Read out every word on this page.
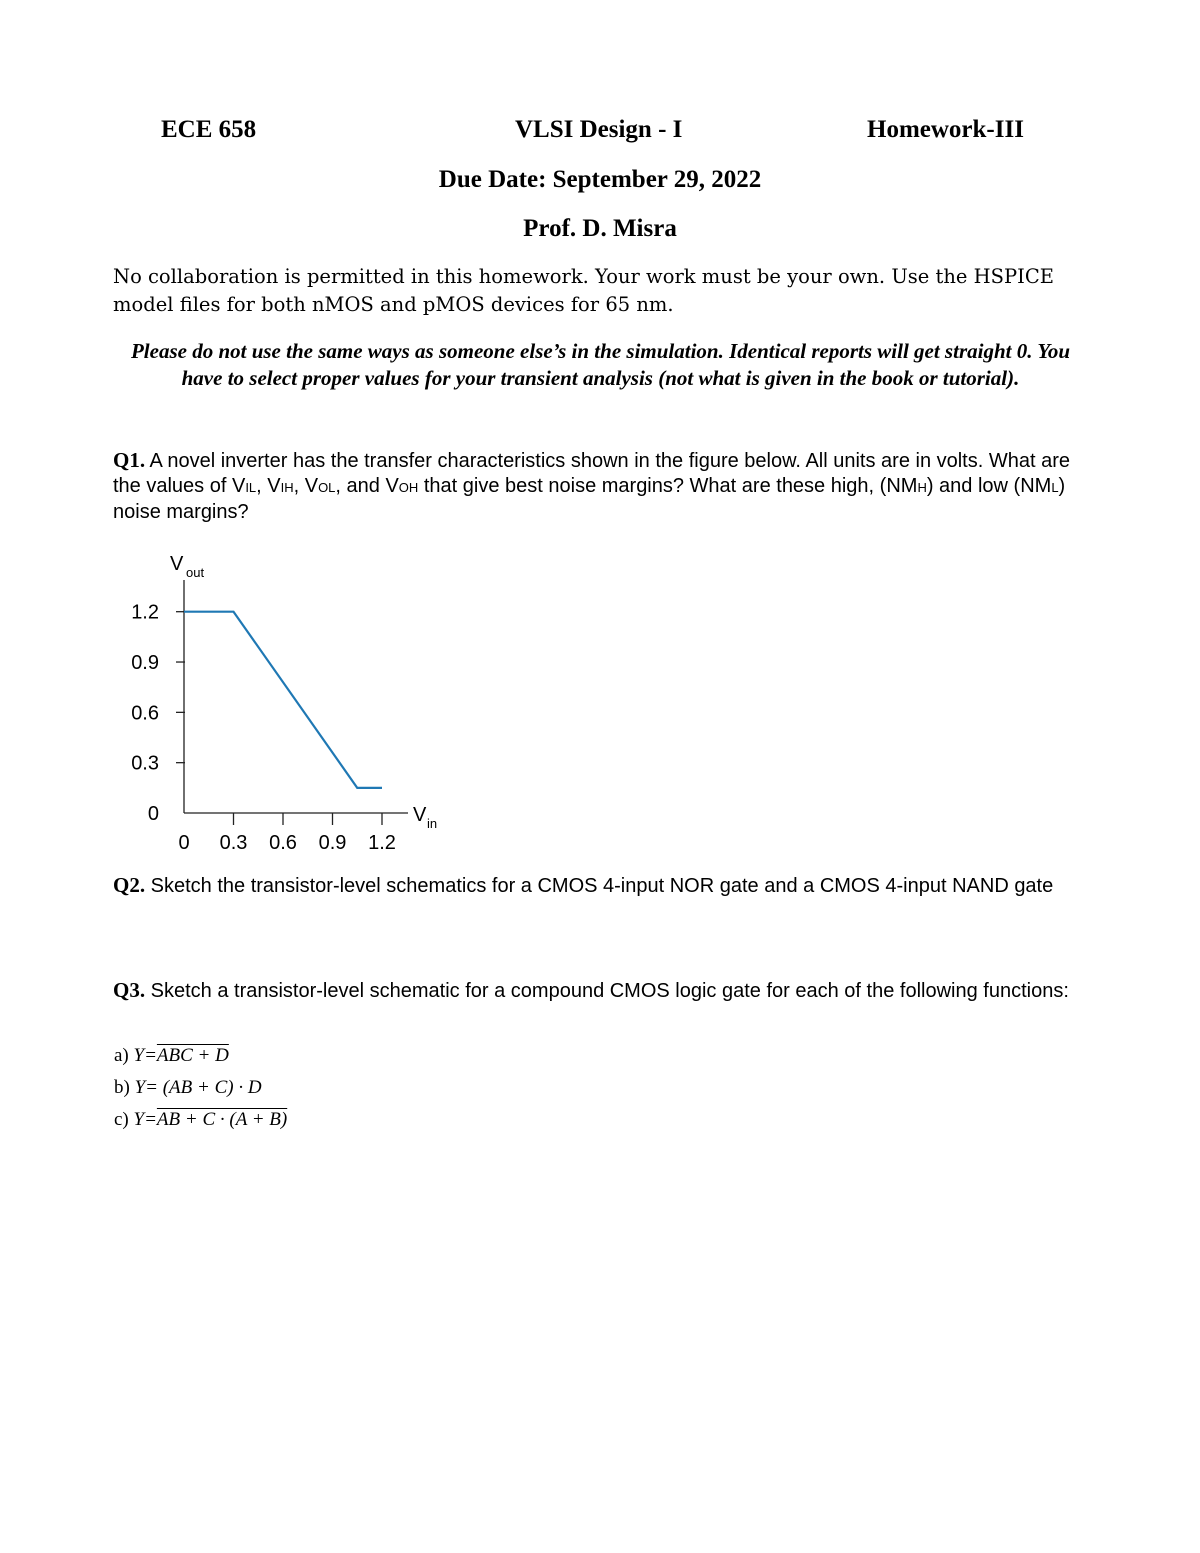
ECE 658	VLSI Design - I	Homework-III
Due Date: September 29, 2022
Prof. D. Misra
No collaboration is permitted in this homework. Your work must be your own. Use the HSPICE model files for both nMOS and pMOS devices for 65 nm.
Please do not use the same ways as someone else’s in the simulation. Identical reports will get straight 0. You have to select proper values for your transient analysis (not what is given in the book or tutorial).
Q1. A novel inverter has the transfer characteristics shown in the figure below. All units are in volts. What are the values of VIL, VIH, VOL, and VOH that give best noise margins? What are these high, (NMH) and low (NML) noise margins?
0
0.3
0.6
0.9
1.2
0 0.3 0.6 0.9 1.2
V out
V in
Q2. Sketch the transistor-level schematics for a CMOS 4-input NOR gate and a CMOS 4-input NAND gate
Q3. Sketch a transistor-level schematic for a compound CMOS logic gate for each of the following functions:
a) Y=ABC + D
b) Y= (AB + C) · D
c) Y=AB + C · (A + B)
